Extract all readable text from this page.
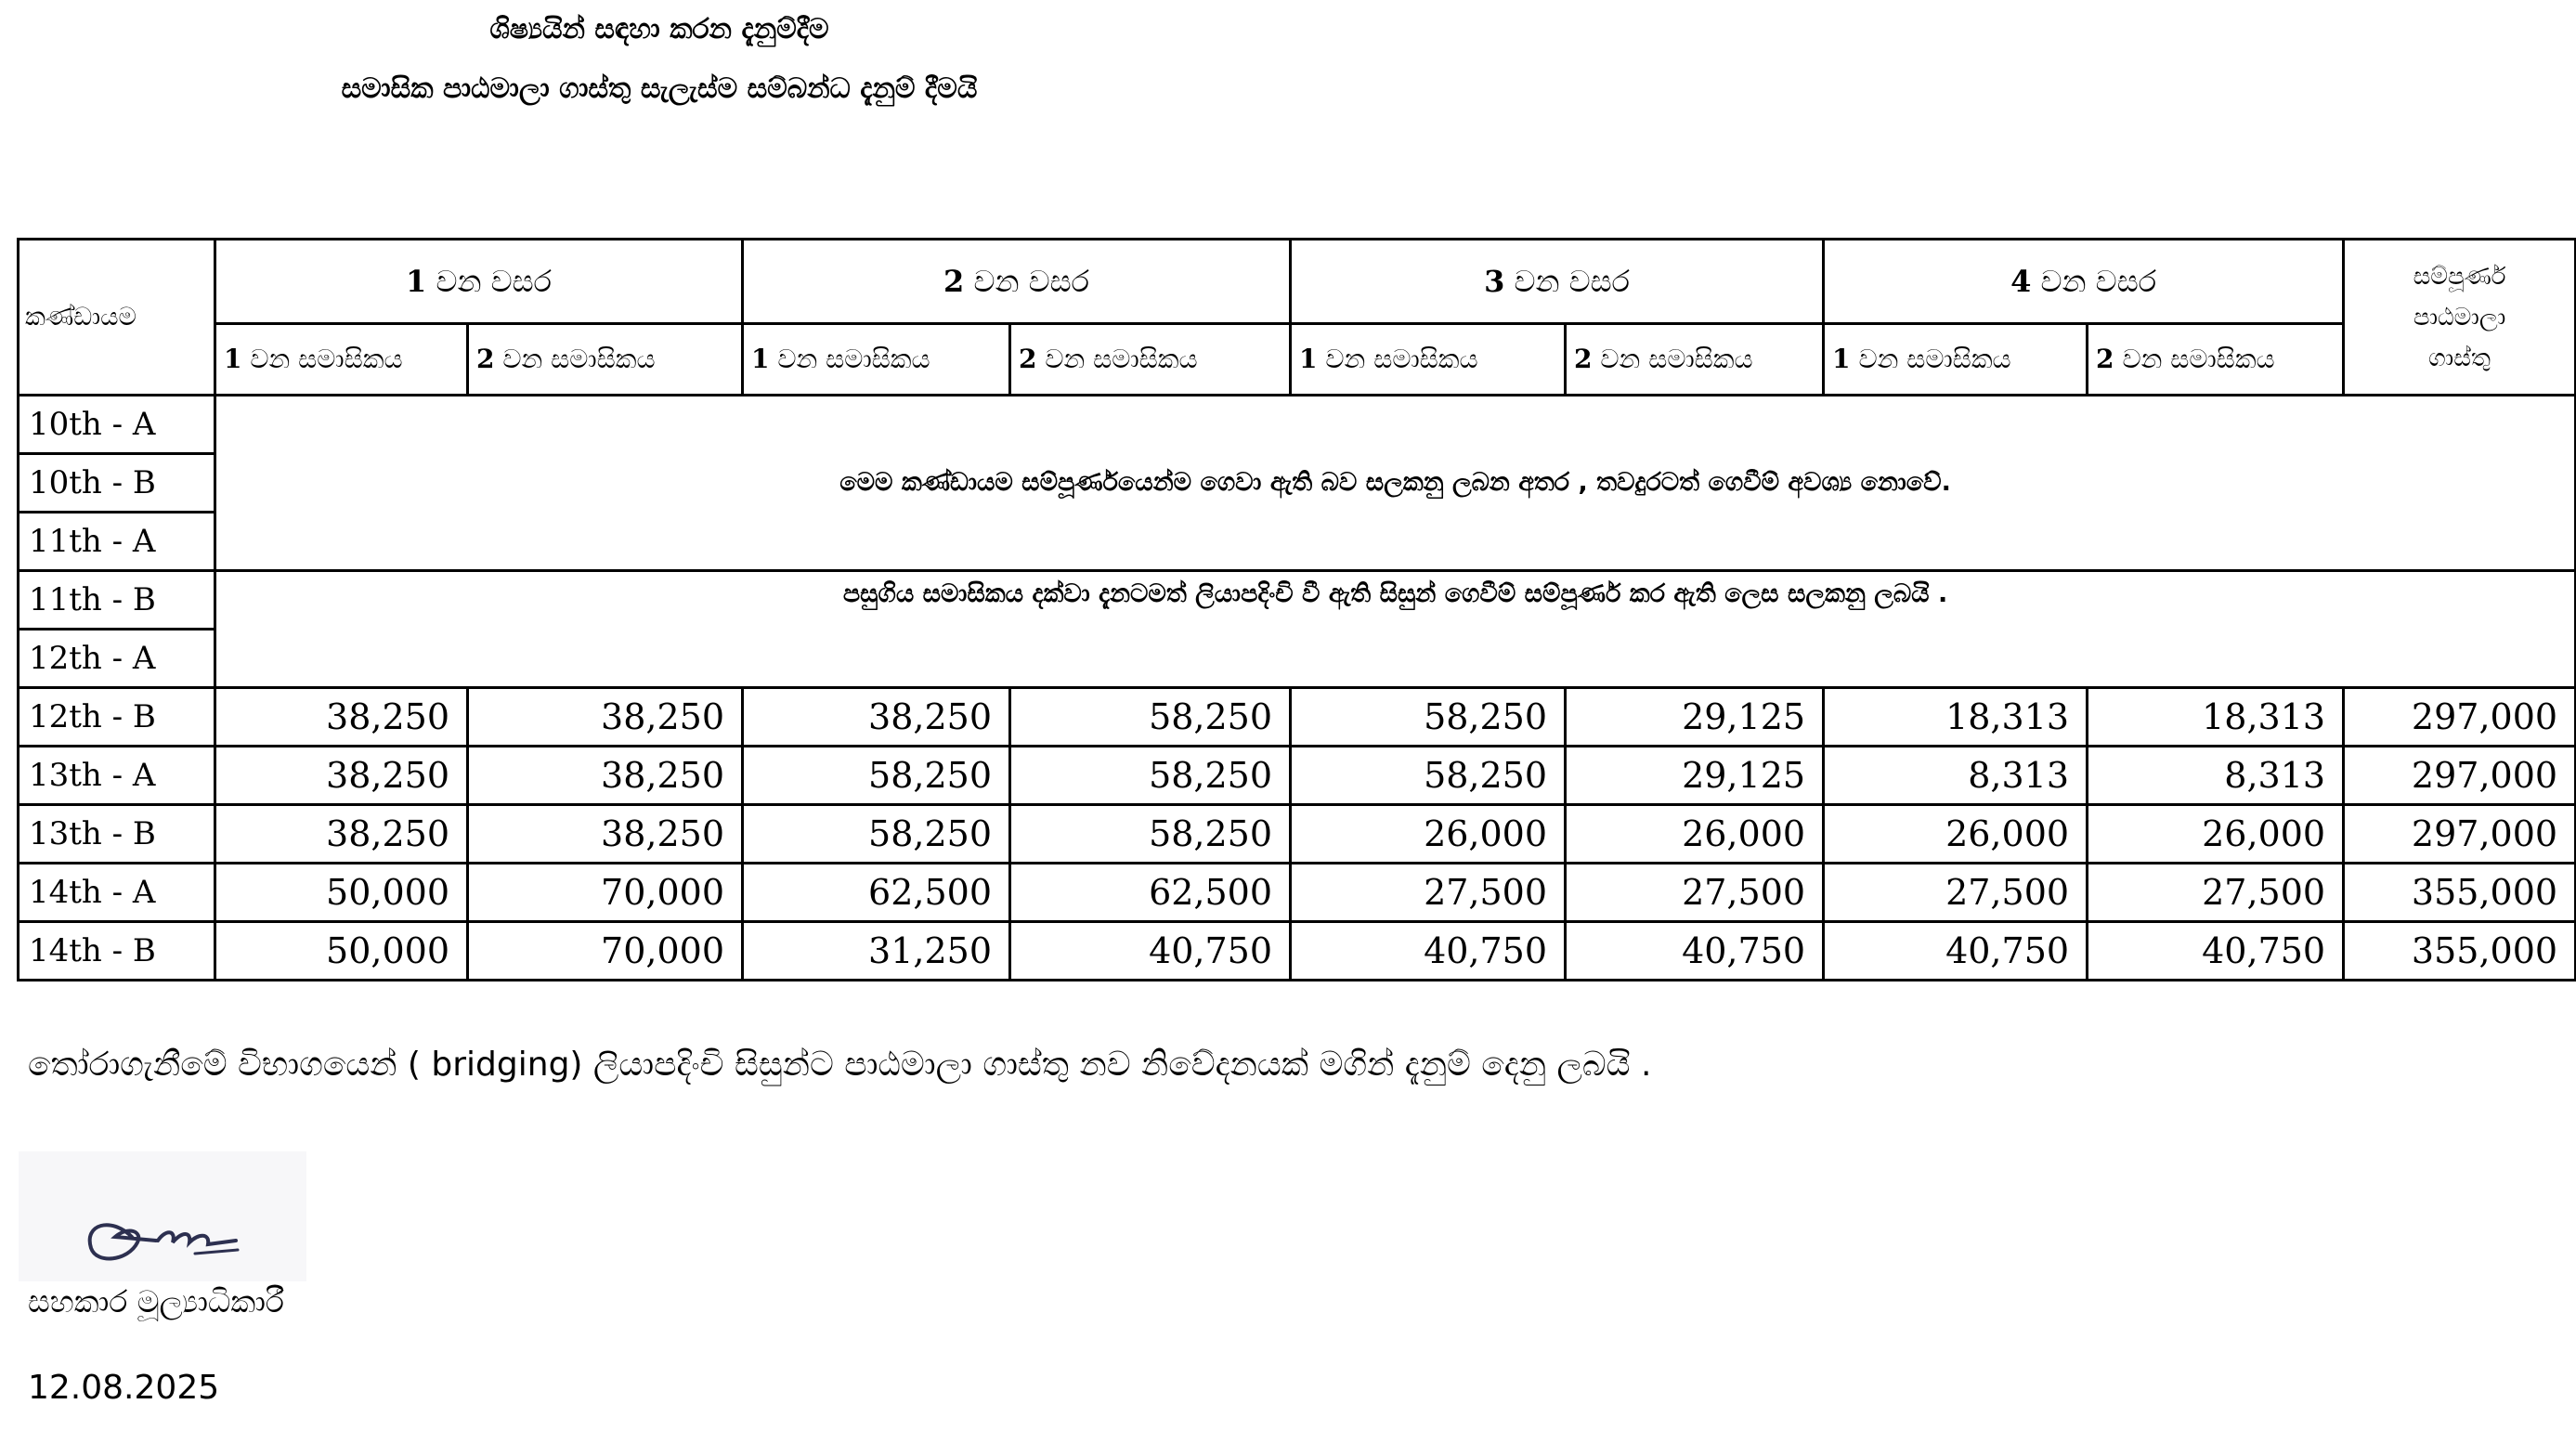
ශිෂ්‍යයින් සඳහා කරන දැනුම්දීම
සමාසික පාඨමාලා ගාස්තු සැලැස්ම සම්බන්ධ දැනුම් දීමයි
කණ්ඩායම	1 වන වසර		2 වන වසර		3 වන වසර		4 වන වසර		සම්පූර්ණ
පාඨමාලා
ගාස්තු
	1 වන සමාසිකය	2 වන සමාසිකය	1 වන සමාසිකය	2 වන සමාසිකය	1 වන සමාසිකය	2 වන සමාසිකය	1 වන සමාසිකය	2 වන සමාසිකය	
10th - A	මෙම කණ්ඩායම සම්පූර්ණයෙන්ම ගෙවා ඇති බව සලකනු ලබන අතර , තවදුරටත් ගෙවීම් අවශ්‍ය නොවේ.								
10th - B									
11th - A									
11th - B	පසුගිය සමාසිකය දක්වා දැනටමත් ලියාපදිංචි වී ඇති සිසුන් ගෙවීම් සම්පූර්ණ කර ඇති ලෙස සලකනු ලබයි .								
12th - A									
12th - B	38,250	38,250	38,250	58,250	58,250	29,125	18,313	18,313	297,000
13th - A	38,250	38,250	58,250	58,250	58,250	29,125	8,313	8,313	297,000
13th - B	38,250	38,250	58,250	58,250	26,000	26,000	26,000	26,000	297,000
14th - A	50,000	70,000	62,500	62,500	27,500	27,500	27,500	27,500	355,000
14th - B	50,000	70,000	31,250	40,750	40,750	40,750	40,750	40,750	355,000
තෝරාගැනීමේ විභාගයෙන් ( bridging) ලියාපදිංචි සිසුන්ට පාඨමාලා ගාස්තු නව නිවේදනයක් මගින් දැනුම් දෙනු ලබයි .
සහකාර මූල්‍යාධිකාරී
12.08.2025
